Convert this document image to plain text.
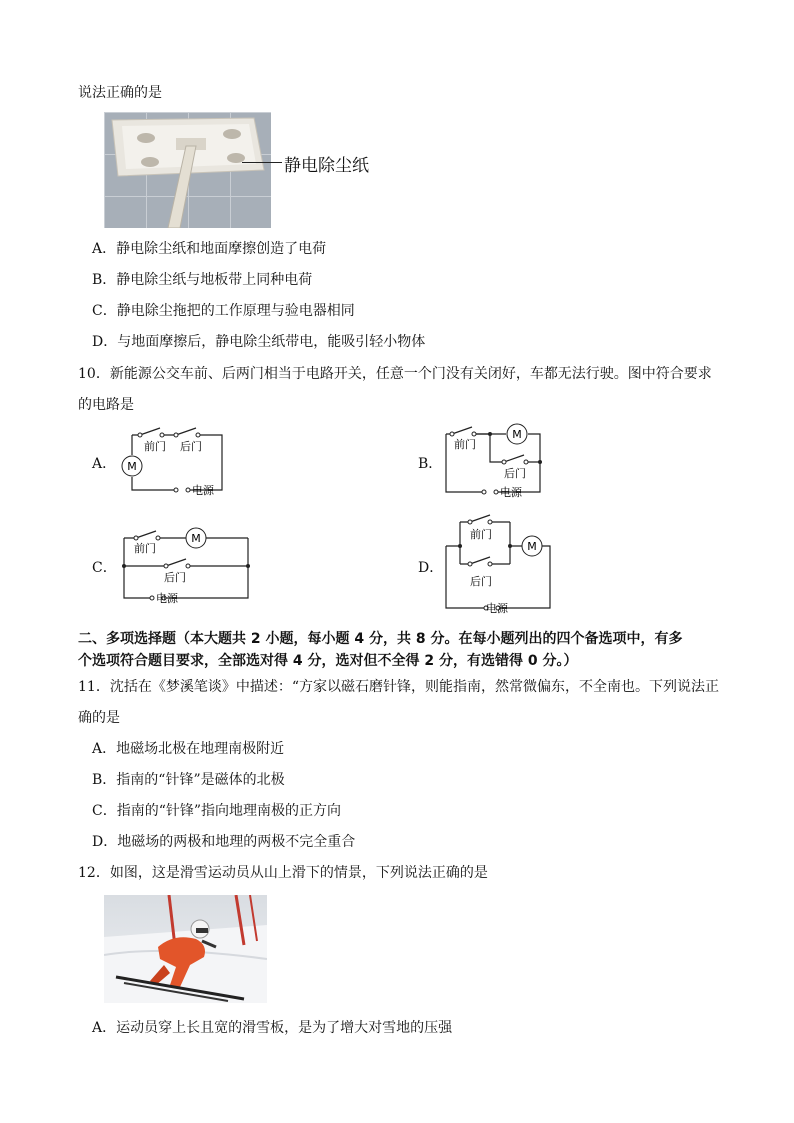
说法正确的是
静电除尘纸
A．静电除尘纸和地面摩擦创造了电荷
B．静电除尘纸与地板带上同种电荷
C．静电除尘拖把的工作原理与验电器相同
D．与地面摩擦后，静电除尘纸带电，能吸引轻小物体
10．新能源公交车前、后两门相当于电路开关，任意一个门没有关闭好，车都无法行驶。图中符合要求
的电路是
A． M
前门 后门
电源
B．
M
前门
后门
电源
C．
M
前门
后门
电源
D．
M
前门
后门
电源
二、多项选择题（本大题共 2 小题，每小题 4 分，共 8 分。在每小题列出的四个备选项中，有多
个选项符合题目要求，全部选对得 4 分，选对但不全得 2 分，有选错得 0 分。）
11．沈括在《梦溪笔谈》中描述：“方家以磁石磨针锋，则能指南，然常微偏东，不全南也。下列说法正
确的是
A．地磁场北极在地理南极附近
B．指南的“针锋”是磁体的北极
C．指南的“针锋”指向地理南极的正方向
D．地磁场的两极和地理的两极不完全重合
12．如图，这是滑雪运动员从山上滑下的情景，下列说法正确的是
A．运动员穿上长且宽的滑雪板，是为了增大对雪地的压强
